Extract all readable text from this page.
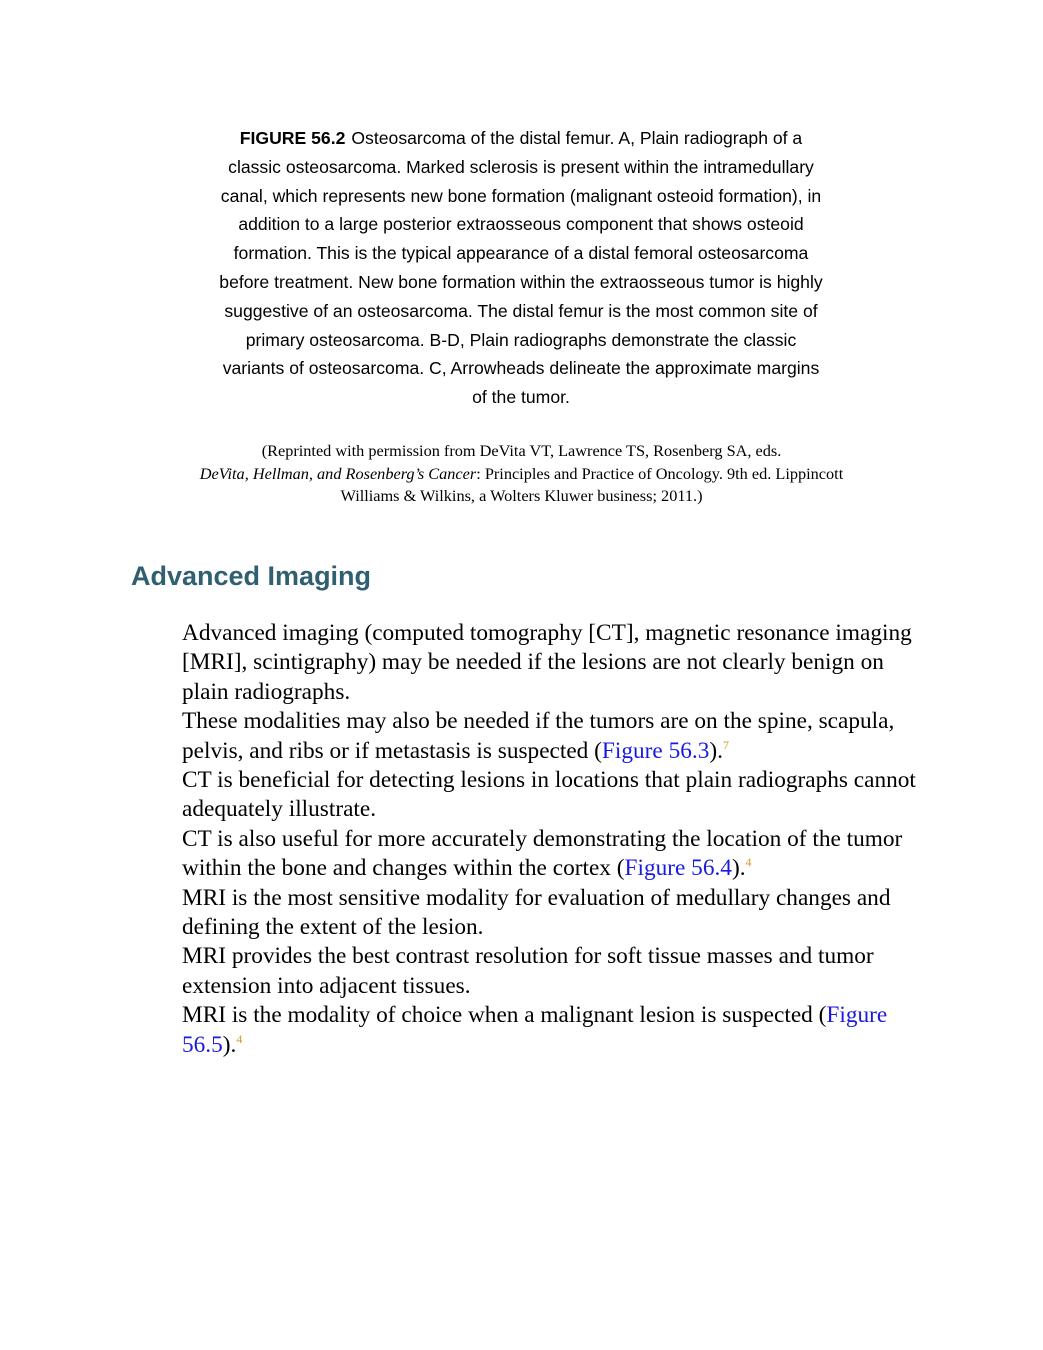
FIGURE 56.2 Osteosarcoma of the distal femur. A, Plain radiograph of a classic osteosarcoma. Marked sclerosis is present within the intramedullary canal, which represents new bone formation (malignant osteoid formation), in addition to a large posterior extraosseous component that shows osteoid formation. This is the typical appearance of a distal femoral osteosarcoma before treatment. New bone formation within the extraosseous tumor is highly suggestive of an osteosarcoma. The distal femur is the most common site of primary osteosarcoma. B-D, Plain radiographs demonstrate the classic variants of osteosarcoma. C, Arrowheads delineate the approximate margins of the tumor.
(Reprinted with permission from DeVita VT, Lawrence TS, Rosenberg SA, eds.
DeVita, Hellman, and Rosenberg’s Cancer: Principles and Practice of Oncology. 9th ed. Lippincott Williams & Wilkins, a Wolters Kluwer business; 2011.)
Advanced Imaging
Advanced imaging (computed tomography [CT], magnetic resonance imaging [MRI], scintigraphy) may be needed if the lesions are not clearly benign on plain radiographs.
These modalities may also be needed if the tumors are on the spine, scapula, pelvis, and ribs or if metastasis is suspected (Figure 56.3).$^7$
CT is beneficial for detecting lesions in locations that plain radiographs cannot adequately illustrate.
CT is also useful for more accurately demonstrating the location of the tumor within the bone and changes within the cortex (Figure 56.4).$^4$
MRI is the most sensitive modality for evaluation of medullary changes and defining the extent of the lesion.
MRI provides the best contrast resolution for soft tissue masses and tumor extension into adjacent tissues.
MRI is the modality of choice when a malignant lesion is suspected (Figure 56.5).$^4$
